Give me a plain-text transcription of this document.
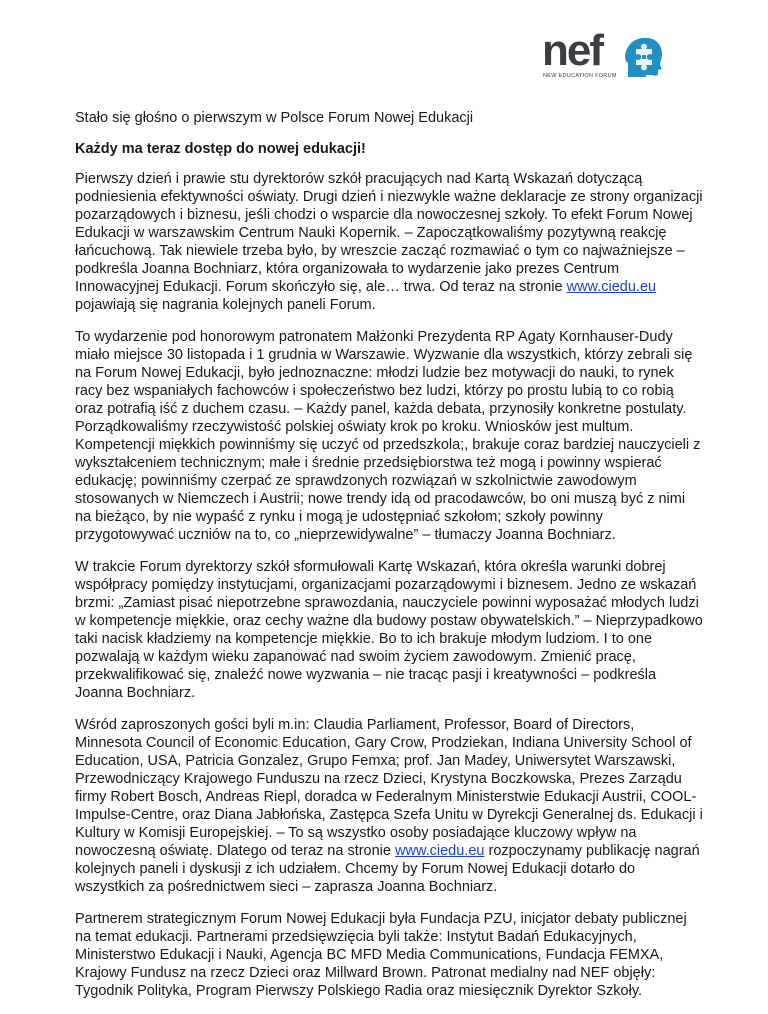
nef
NEW EDUCATION FORUM

Stało się głośno o pierwszym w Polsce Forum Nowej Edukacji

Każdy ma teraz dostęp do nowej edukacji!

Pierwszy dzień i prawie stu dyrektorów szkół pracujących nad Kartą Wskazań dotyczącą podniesienia efektywności oświaty. Drugi dzień i niezwykle ważne deklaracje ze strony organizacji pozarządowych i biznesu, jeśli chodzi o wsparcie dla nowoczesnej szkoły. To efekt Forum Nowej Edukacji w warszawskim Centrum Nauki Kopernik. – Zapoczątkowaliśmy pozytywną reakcję łańcuchową. Tak niewiele trzeba było, by wreszcie zacząć rozmawiać o tym co najważniejsze – podkreśla Joanna Bochniarz, która organizowała to wydarzenie jako prezes Centrum Innowacyjnej Edukacji. Forum skończyło się, ale… trwa. Od teraz na stronie www.ciedu.eu pojawiają się nagrania kolejnych paneli Forum.

To wydarzenie pod honorowym patronatem Małżonki Prezydenta RP Agaty Kornhauser-Dudy miało miejsce 30 listopada i 1 grudnia w Warszawie. Wyzwanie dla wszystkich, którzy zebrali się na Forum Nowej Edukacji, było jednoznaczne: młodzi ludzie bez motywacji do nauki, to rynek racy bez wspaniałych fachowców i społeczeństwo bez ludzi, którzy po prostu lubią to co robią oraz potrafią iść z duchem czasu. – Każdy panel, każda debata, przynosiły konkretne postulaty. Porządkowaliśmy rzeczywistość polskiej oświaty krok po kroku. Wniosków jest multum. Kompetencji miękkich powinniśmy się uczyć od przedszkola;, brakuje coraz bardziej nauczycieli z wykształceniem technicznym; małe i średnie przedsiębiorstwa też mogą i powinny wspierać edukację; powinniśmy czerpać ze sprawdzonych rozwiązań w szkolnictwie zawodowym stosowanych w Niemczech i Austrii; nowe trendy idą od pracodawców, bo oni muszą być z nimi na bieżąco, by nie wypaść z rynku i mogą je udostępniać szkołom; szkoły powinny przygotowywać uczniów na to, co „nieprzewidywalne” – tłumaczy Joanna Bochniarz.

W trakcie Forum dyrektorzy szkół sformułowali Kartę Wskazań, która określa warunki dobrej współpracy pomiędzy instytucjami, organizacjami pozarządowymi i biznesem. Jedno ze wskazań brzmi: „Zamiast pisać niepotrzebne sprawozdania, nauczyciele powinni wyposażać młodych ludzi w kompetencje miękkie, oraz cechy ważne dla budowy postaw obywatelskich.” – Nieprzypadkowo taki nacisk kładziemy na kompetencje miękkie. Bo to ich brakuje młodym ludziom. I to one pozwalają w każdym wieku zapanować nad swoim życiem zawodowym. Zmienić pracę, przekwalifikować się, znaleźć nowe wyzwania – nie tracąc pasji i kreatywności – podkreśla Joanna Bochniarz.

Wśród zaproszonych gości byli m.in: Claudia Parliament, Professor, Board of Directors, Minnesota Council of Economic Education, Gary Crow, Prodziekan, Indiana University School of Education, USA, Patricia Gonzalez, Grupo Femxa; prof. Jan Madey, Uniwersytet Warszawski, Przewodniczący Krajowego Funduszu na rzecz Dzieci, Krystyna Boczkowska, Prezes Zarządu firmy Robert Bosch, Andreas Riepl, doradca w Federalnym Ministerstwie Edukacji Austrii, COOL-Impulse-Centre, oraz Diana Jabłońska, Zastępca Szefa Unitu w Dyrekcji Generalnej ds. Edukacji i Kultury w Komisji Europejskiej. – To są wszystko osoby posiadające kluczowy wpływ na nowoczesną oświatę. Dlatego od teraz na stronie www.ciedu.eu rozpoczynamy publikację nagrań kolejnych paneli i dyskusji z ich udziałem. Chcemy by Forum Nowej Edukacji dotarło do wszystkich za pośrednictwem sieci – zaprasza Joanna Bochniarz.

Partnerem strategicznym Forum Nowej Edukacji była Fundacja PZU, inicjator debaty publicznej na temat edukacji. Partnerami przedsięwzięcia byli także: Instytut Badań Edukacyjnych, Ministerstwo Edukacji i Nauki, Agencja BC MFD Media Communications, Fundacja FEMXA, Krajowy Fundusz na rzecz Dzieci oraz Millward Brown. Patronat medialny nad NEF objęły: Tygodnik Polityka, Program Pierwszy Polskiego Radia oraz miesięcznik Dyrektor Szkoły.
